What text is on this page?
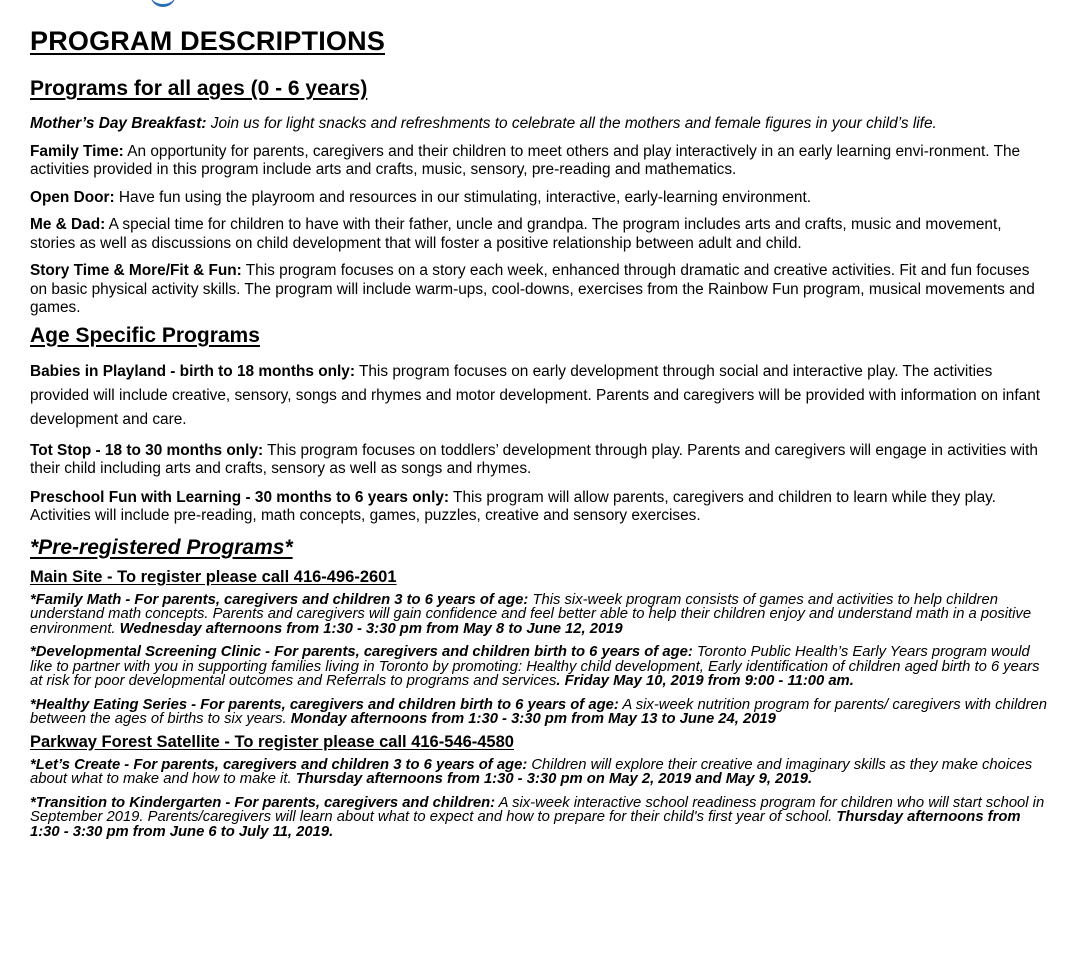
PROGRAM DESCRIPTIONS
Programs for all ages (0 - 6 years)

Mother’s Day Breakfast: Join us for light snacks and refreshments to celebrate all the mothers and female figures in your child’s life.

Family Time: An opportunity for parents, caregivers and their children to meet others and play interactively in an early learning envi-ronment. The activities provided in this program include arts and crafts, music, sensory, pre-reading and mathematics.

Open Door: Have fun using the playroom and resources in our stimulating, interactive, early-learning environment.

Me & Dad: A special time for children to have with their father, uncle and grandpa. The program includes arts and crafts, music and movement, stories as well as discussions on child development that will foster a positive relationship between adult and child.

Story Time & More/Fit & Fun: This program focuses on a story each week, enhanced through dramatic and creative activities. Fit and fun focuses on basic physical activity skills. The program will include warm-ups, cool-downs, exercises from the Rainbow Fun program, musical movements and games.

Age Specific Programs

Babies in Playland - birth to 18 months only: This program focuses on early development through social and interactive play. The activities provided will include creative, sensory, songs and rhymes and motor development. Parents and caregivers will be provided with information on infant development and care.

Tot Stop - 18 to 30 months only: This program focuses on toddlers’ development through play. Parents and caregivers will engage in activities with their child including arts and crafts, sensory as well as songs and rhymes.

Preschool Fun with Learning - 30 months to 6 years only: This program will allow parents, caregivers and children to learn while they play. Activities will include pre-reading, math concepts, games, puzzles, creative and sensory exercises.

*Pre-registered Programs*
Main Site - To register please call 416-496-2601

*Family Math - For parents, caregivers and children 3 to 6 years of age: This six-week program consists of games and activities to help children understand math concepts. Parents and caregivers will gain confidence and feel better able to help their children enjoy and understand math in a positive environment. Wednesday afternoons from 1:30 - 3:30 pm from May 8 to June 12, 2019

*Developmental Screening Clinic - For parents, caregivers and children birth to 6 years of age: Toronto Public Health’s Early Years program would like to partner with you in supporting families living in Toronto by promoting: Healthy child development, Early identification of children aged birth to 6 years at risk for poor developmental outcomes and Referrals to programs and services. Friday May 10, 2019 from 9:00 - 11:00 am.

*Healthy Eating Series - For parents, caregivers and children birth to 6 years of age: A six-week nutrition program for parents/ caregivers with children between the ages of births to six years. Monday afternoons from 1:30 - 3:30 pm from May 13 to June 24, 2019

Parkway Forest Satellite - To register please call 416-546-4580

*Let’s Create - For parents, caregivers and children 3 to 6 years of age: Children will explore their creative and imaginary skills as they make choices about what to make and how to make it. Thursday afternoons from 1:30 - 3:30 pm on May 2, 2019 and May 9, 2019.

*Transition to Kindergarten - For parents, caregivers and children: A six-week interactive school readiness program for children who will start school in September 2019. Parents/caregivers will learn about what to expect and how to prepare for their child's first year of school. Thursday afternoons from 1:30 - 3:30 pm from June 6 to July 11, 2019.
